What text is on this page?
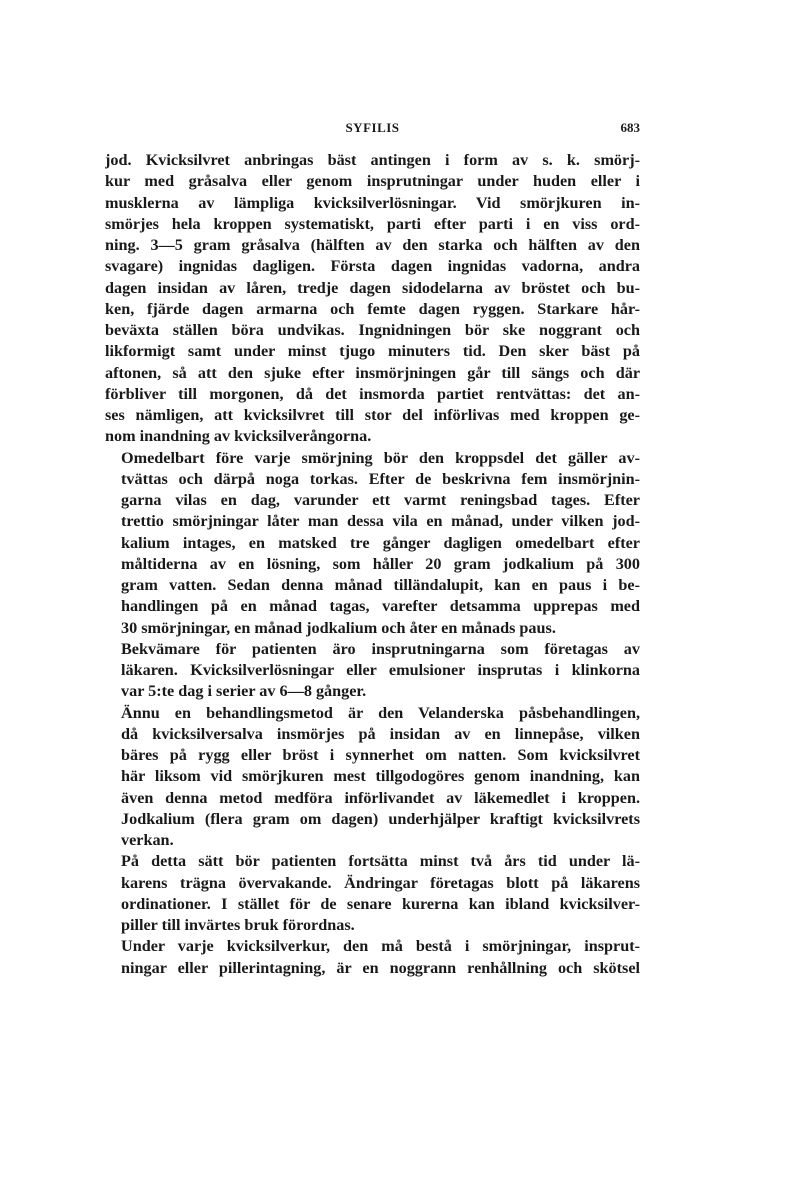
SYFILIS	683

jod. Kvicksilvret anbringas bäst antingen i form av s. k. smörj-
kur med gråsalva eller genom insprutningar under huden eller i
musklerna av lämpliga kvicksilverlösningar. Vid smörjkuren in-
smörjes hela kroppen systematiskt, parti efter parti i en viss ord-
ning. 3—5 gram gråsalva (hälften av den starka och hälften av den
svagare) ingnidas dagligen. Första dagen ingnidas vadorna, andra
dagen insidan av låren, tredje dagen sidodelarna av bröstet och bu-
ken, fjärde dagen armarna och femte dagen ryggen. Starkare hår-
beväxta ställen böra undvikas. Ingnidningen bör ske noggrant och
likformigt samt under minst tjugo minuters tid. Den sker bäst på
aftonen, så att den sjuke efter insmörjningen går till sängs och där
förbliver till morgonen, då det insmorda partiet rentvättas: det an-
ses nämligen, att kvicksilvret till stor del införlivas med kroppen ge-
nom inandning av kvicksilverångorna.

Omedelbart före varje smörjning bör den kroppsdel det gäller av-
tvättas och därpå noga torkas. Efter de beskrivna fem insmörjnin-
garna vilas en dag, varunder ett varmt reningsbad tages. Efter
trettio smörjningar låter man dessa vila en månad, under vilken jod-
kalium intages, en matsked tre gånger dagligen omedelbart efter
måltiderna av en lösning, som håller 20 gram jodkalium på 300
gram vatten. Sedan denna månad tilländalupit, kan en paus i be-
handlingen på en månad tagas, varefter detsamma upprepas med
30 smörjningar, en månad jodkalium och åter en månads paus.

Bekvämare för patienten äro insprutningarna som företagas av
läkaren. Kvicksilverlösningar eller emulsioner insprutas i klinkorna
var 5:te dag i serier av 6—8 gånger.

Ännu en behandlingsmetod är den Velanderska påsbehandlingen,
då kvicksilversalva insmörjes på insidan av en linnepåse, vilken
bäres på rygg eller bröst i synnerhet om natten. Som kvicksilvret
här liksom vid smörjkuren mest tillgodogöres genom inandning, kan
även denna metod medföra införlivandet av läkemedlet i kroppen.
Jodkalium (flera gram om dagen) underhjälper kraftigt kvicksilvrets
verkan.

På detta sätt bör patienten fortsätta minst två års tid under lä-
karens trägna övervakande. Ändringar företagas blott på läkarens
ordinationer. I stället för de senare kurerna kan ibland kvicksilver-
piller till invärtes bruk förordnas.

Under varje kvicksilverkur, den må bestå i smörjningar, insprut-
ningar eller pillerintagning, är en noggrann renhållning och skötsel
